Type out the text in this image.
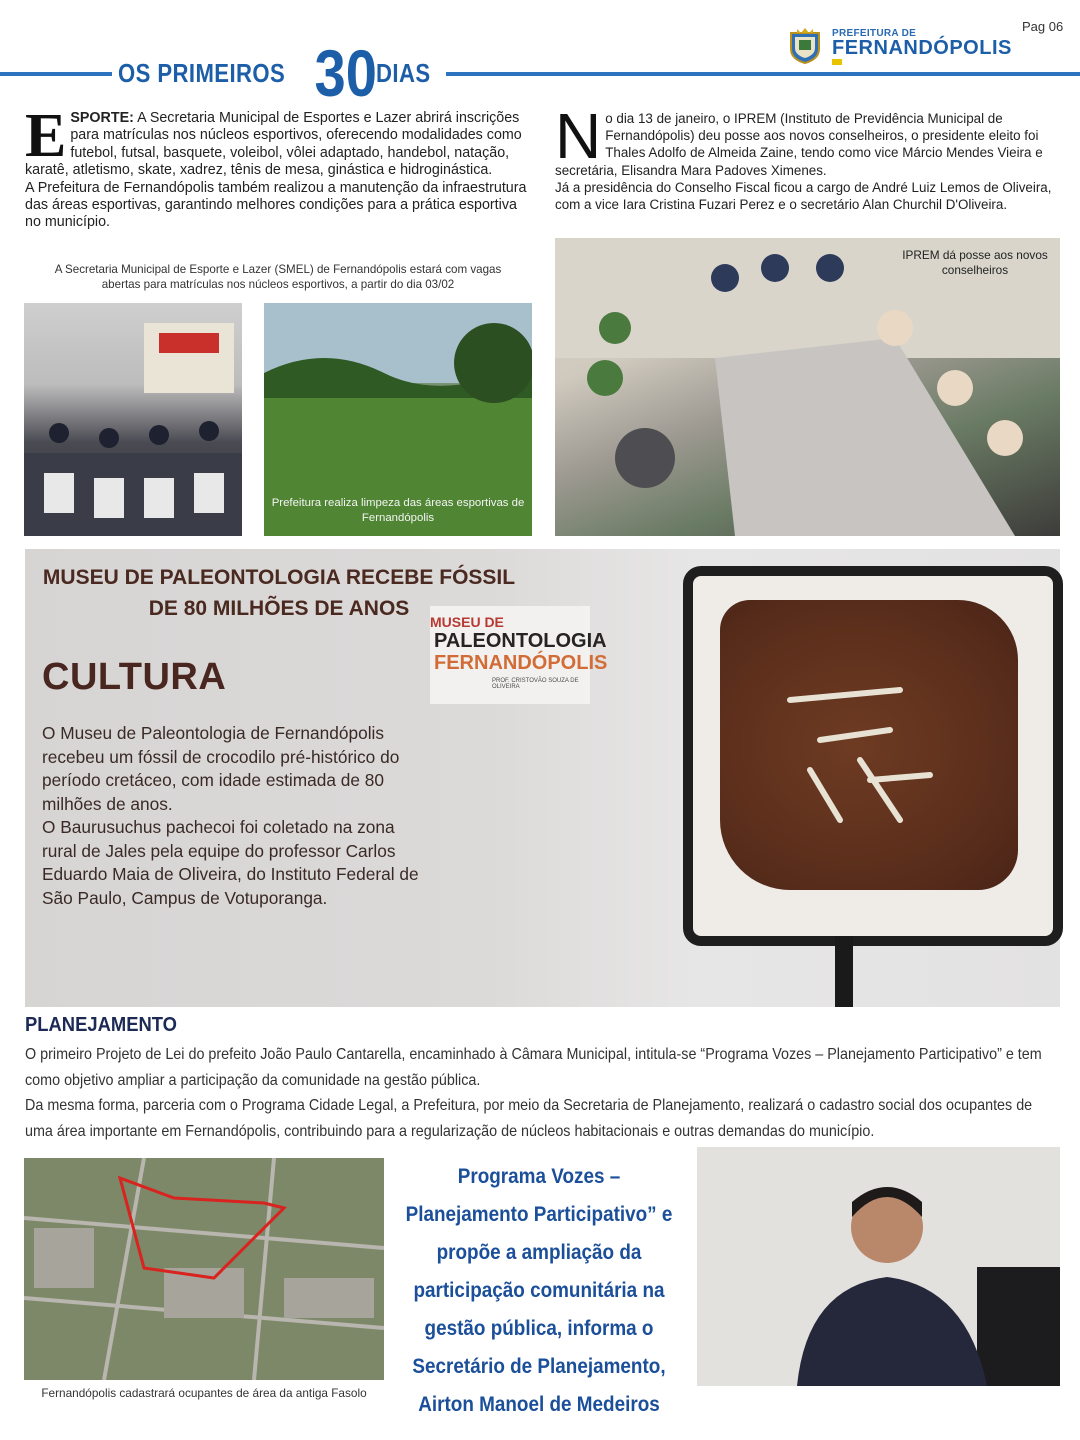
Pag 06
PREFEITURA DE
FERNANDÓPOLIS
OS PRIMEIROS 30 DIAS
ESPORTE: A Secretaria Municipal de Esportes e Lazer abrirá inscrições para matrículas nos núcleos esportivos, oferecendo modalidades como futebol, futsal, basquete, voleibol, vôlei adaptado, handebol, natação, karatê, atletismo, skate, xadrez, tênis de mesa, ginástica e hidroginástica.
A Prefeitura de Fernandópolis também realizou a manutenção da infraestrutura das áreas esportivas, garantindo melhores condições para a prática esportiva no município.
A Secretaria Municipal de Esporte e Lazer (SMEL) de Fernandópolis estará com vagas abertas para matrículas nos núcleos esportivos, a partir do dia 03/02
Prefeitura realiza limpeza das áreas esportivas de Fernandópolis
No dia 13 de janeiro, o IPREM (Instituto de Previdência Municipal de Fernandópolis) deu posse aos novos conselheiros, o presidente eleito foi Thales Adolfo de Almeida Zaine, tendo como vice Márcio Mendes Vieira e secretária, Elisandra Mara Padoves Ximenes.
Já a presidência do Conselho Fiscal ficou a cargo de André Luiz Lemos de Oliveira, com a vice Iara Cristina Fuzari Perez e o secretário Alan Churchil D'Oliveira.
IPREM dá posse aos novos conselheiros
MUSEU DE PALEONTOLOGIA RECEBE FÓSSIL DE 80 MILHÕES DE ANOS
MUSEU DE
PALEONTOLOGIA
FERNANDÓPOLIS
PROF. CRISTOVÃO SOUZA DE OLIVEIRA
CULTURA
O Museu de Paleontologia de Fernandópolis recebeu um fóssil de crocodilo pré-histórico do período cretáceo, com idade estimada de 80 milhões de anos.
O Baurusuchus pachecoi foi coletado na zona rural de Jales pela equipe do professor Carlos Eduardo Maia de Oliveira, do Instituto Federal de São Paulo, Campus de Votuporanga.
PLANEJAMENTO
O primeiro Projeto de Lei do prefeito João Paulo Cantarella, encaminhado à Câmara Municipal, intitula-se “Programa Vozes – Planejamento Participativo” e tem como objetivo ampliar a participação da comunidade na gestão pública.
Da mesma forma, parceria com o Programa Cidade Legal, a Prefeitura, por meio da Secretaria de Planejamento, realizará o cadastro social dos ocupantes de uma área importante em Fernandópolis, contribuindo para a regularização de núcleos habitacionais e outras demandas do município.
Fernandópolis cadastrará ocupantes de área da antiga Fasolo
Programa Vozes – Planejamento Participativo” e propõe a ampliação da participação comunitária na gestão pública, informa o Secretário de Planejamento, Airton Manoel de Medeiros
